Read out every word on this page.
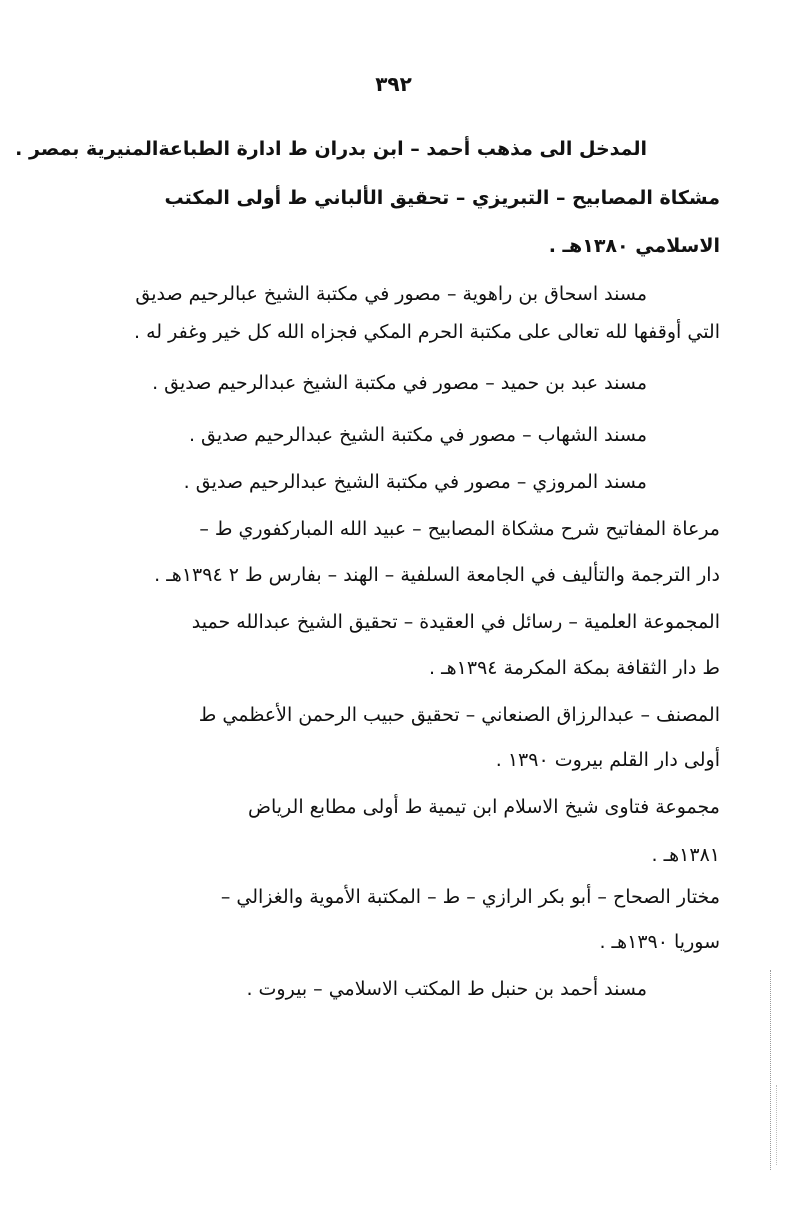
٣٩٢
المدخل الى مذهب أحمد – ابن بدران ط ادارة الطباعةالمنيرية بمصر .
مشكاة المصابيح – التبريزي – تحقيق الألباني ط أولى المكتب
الاسلامي ١٣٨٠هـ .
مسند اسحاق بن راهوية – مصور في مكتبة الشيخ عبالرحيم صديق
التي أوقفها لله تعالى على مكتبة الحرم المكي فجزاه الله كل خير وغفر له .
مسند عبد بن حميد – مصور في مكتبة الشيخ عبدالرحيم صديق .
مسند الشهاب – مصور في مكتبة الشيخ عبدالرحيم صديق .
مسند المروزي – مصور في مكتبة الشيخ عبدالرحيم صديق .
مرعاة المفاتيح شرح مشكاة المصابيح – عبيد الله المباركفوري ط –
دار الترجمة والتأليف في الجامعة السلفية – الهند – بفارس ط ٢ ١٣٩٤هـ .
المجموعة العلمية – رسائل في العقيدة – تحقيق الشيخ عبدالله حميد
ط دار الثقافة بمكة المكرمة ١٣٩٤هـ .
المصنف – عبدالرزاق الصنعاني – تحقيق حبيب الرحمن الأعظمي ط
أولى دار القلم بيروت ١٣٩٠ .
مجموعة فتاوى شيخ الاسلام ابن تيمية ط أولى مطابع الرياض
١٣٨١هـ .
مختار الصحاح – أبو بكر الرازي – ط – المكتبة الأموية والغزالي –
سوريا ١٣٩٠هـ .
مسند أحمد بن حنبل ط المكتب الاسلامي – بيروت .
